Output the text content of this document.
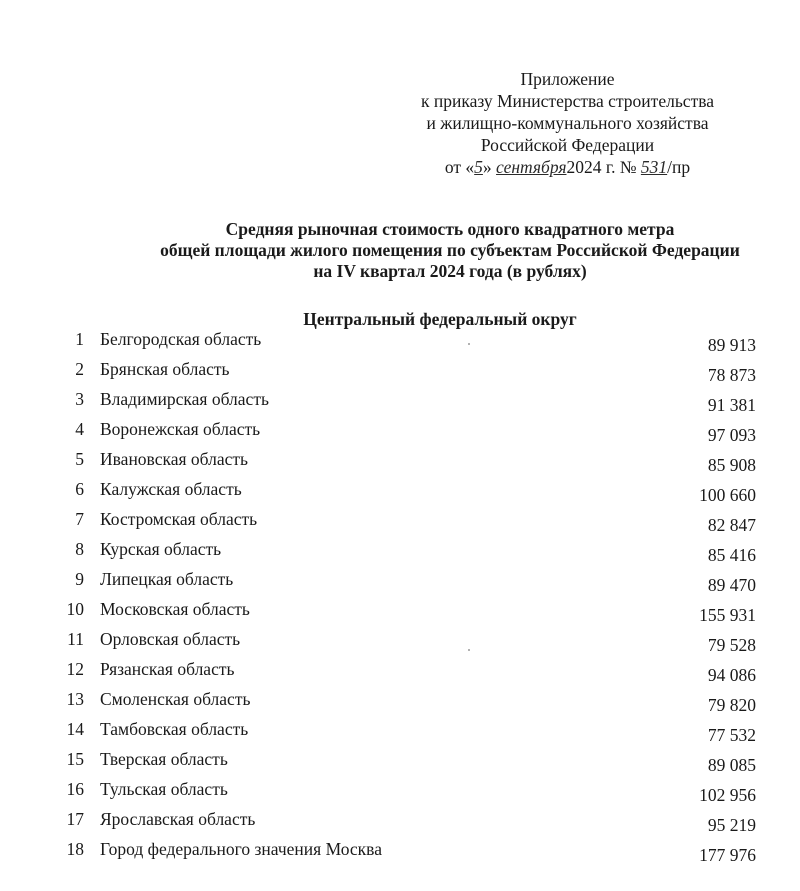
Приложение
к приказу Министерства строительства
и жилищно-коммунального хозяйства
Российской Федерации
от «5» сентября2024 г. № 531/пр
Средняя рыночная стоимость одного квадратного метра
общей площади жилого помещения по субъектам Российской Федерации
на IV квартал 2024 года (в рублях)
Центральный федеральный округ
1 Белгородская область	89 913
2 Брянская область	78 873
3 Владимирская область	91 381
4 Воронежская область	97 093
5 Ивановская область	85 908
6 Калужская область	100 660
7 Костромская область	82 847
8 Курская область	85 416
9 Липецкая область	89 470
10 Московская область	155 931
11 Орловская область	79 528
12 Рязанская область	94 086
13 Смоленская область	79 820
14 Тамбовская область	77 532
15 Тверская область	89 085
16 Тульская область	102 956
17 Ярославская область	95 219
18 Город федерального значения Москва	177 976
